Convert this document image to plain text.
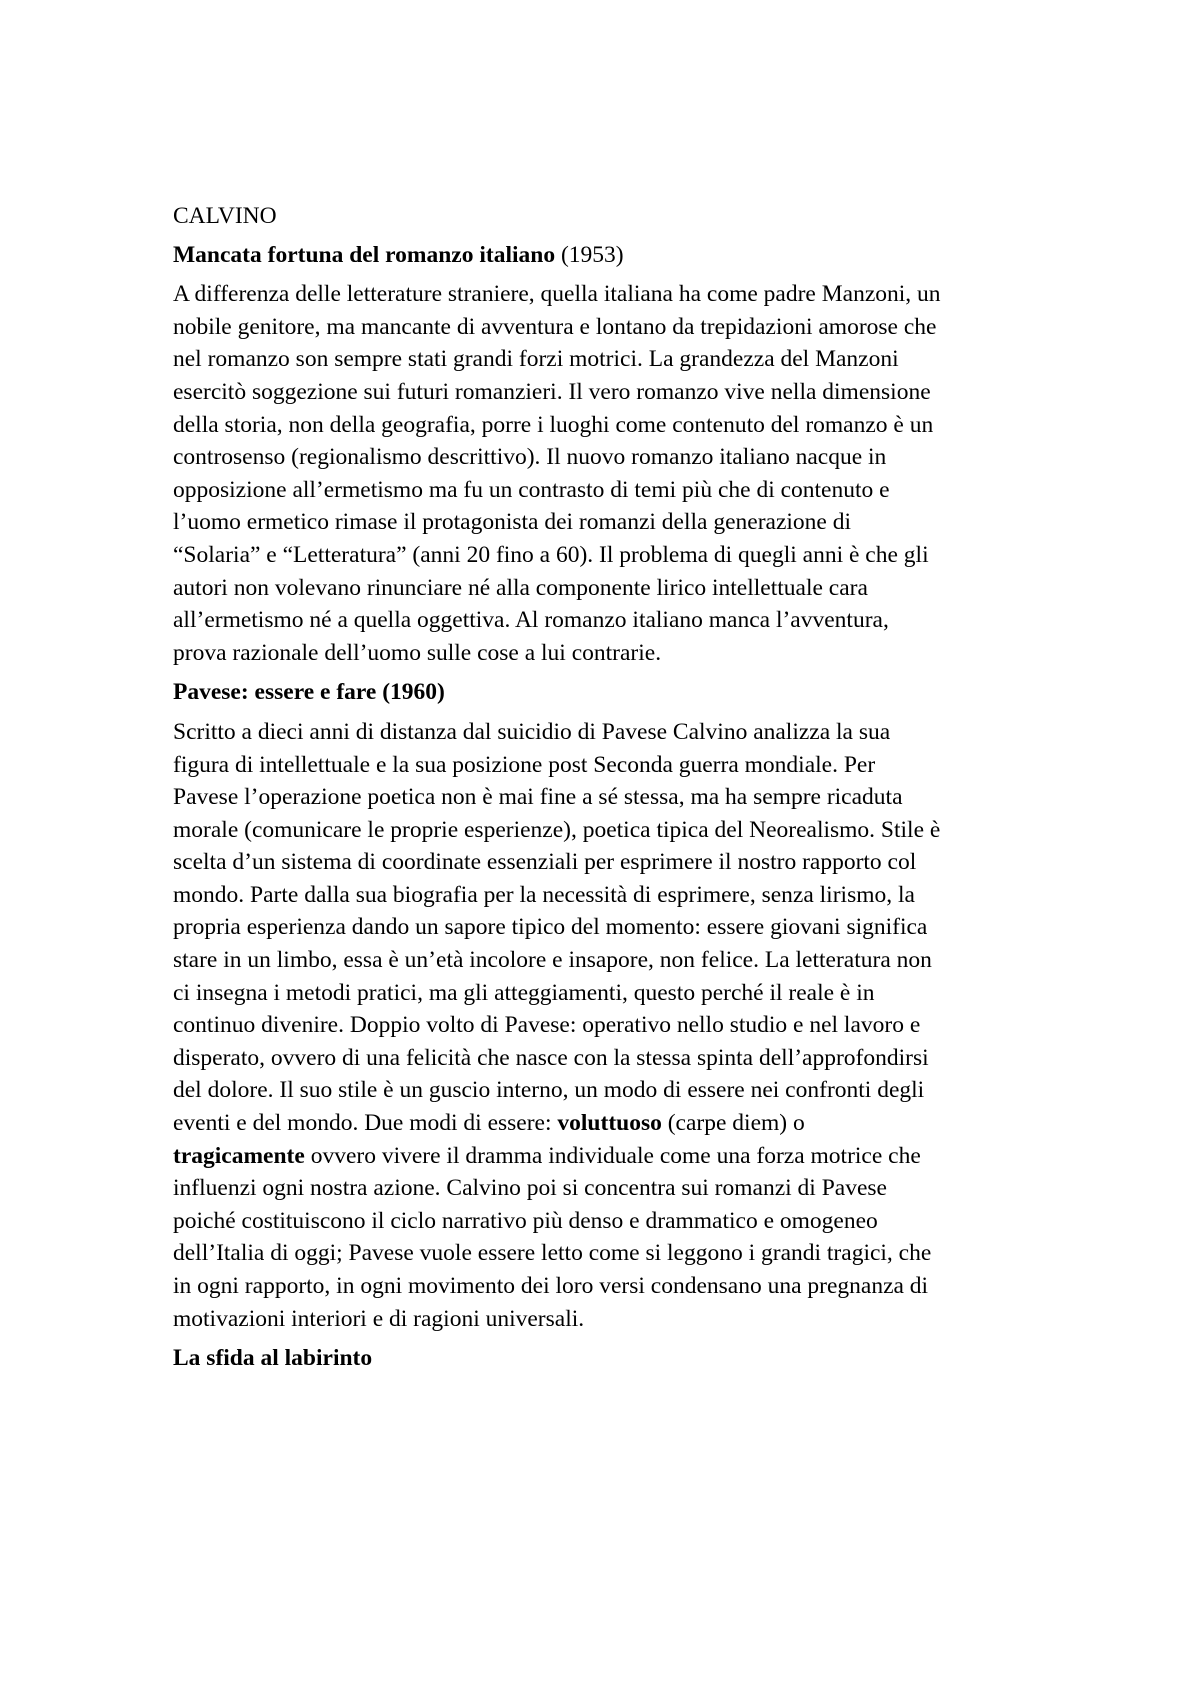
CALVINO

Mancata fortuna del romanzo italiano (1953)

A differenza delle letterature straniere, quella italiana ha come padre Manzoni, un
nobile genitore, ma mancante di avventura e lontano da trepidazioni amorose che
nel romanzo son sempre stati grandi forzi motrici. La grandezza del Manzoni
esercitò soggezione sui futuri romanzieri. Il vero romanzo vive nella dimensione
della storia, non della geografia, porre i luoghi come contenuto del romanzo è un
controsenso (regionalismo descrittivo). Il nuovo romanzo italiano nacque in
opposizione all’ermetismo ma fu un contrasto di temi più che di contenuto e
l’uomo ermetico rimase il protagonista dei romanzi della generazione di
“Solaria” e “Letteratura” (anni 20 fino a 60). Il problema di quegli anni è che gli
autori non volevano rinunciare né alla componente lirico intellettuale cara
all’ermetismo né a quella oggettiva. Al romanzo italiano manca l’avventura,
prova razionale dell’uomo sulle cose a lui contrarie.

Pavese: essere e fare (1960)

Scritto a dieci anni di distanza dal suicidio di Pavese Calvino analizza la sua
figura di intellettuale e la sua posizione post Seconda guerra mondiale. Per
Pavese l’operazione poetica non è mai fine a sé stessa, ma ha sempre ricaduta
morale (comunicare le proprie esperienze), poetica tipica del Neorealismo. Stile è
scelta d’un sistema di coordinate essenziali per esprimere il nostro rapporto col
mondo. Parte dalla sua biografia per la necessità di esprimere, senza lirismo, la
propria esperienza dando un sapore tipico del momento: essere giovani significa
stare in un limbo, essa è un’età incolore e insapore, non felice. La letteratura non
ci insegna i metodi pratici, ma gli atteggiamenti, questo perché il reale è in
continuo divenire. Doppio volto di Pavese: operativo nello studio e nel lavoro e
disperato, ovvero di una felicità che nasce con la stessa spinta dell’approfondirsi
del dolore. Il suo stile è un guscio interno, un modo di essere nei confronti degli
eventi e del mondo. Due modi di essere: voluttuoso (carpe diem) o
tragicamente ovvero vivere il dramma individuale come una forza motrice che
influenzi ogni nostra azione. Calvino poi si concentra sui romanzi di Pavese
poiché costituiscono il ciclo narrativo più denso e drammatico e omogeneo
dell’Italia di oggi; Pavese vuole essere letto come si leggono i grandi tragici, che
in ogni rapporto, in ogni movimento dei loro versi condensano una pregnanza di
motivazioni interiori e di ragioni universali.

La sfida al labirinto
